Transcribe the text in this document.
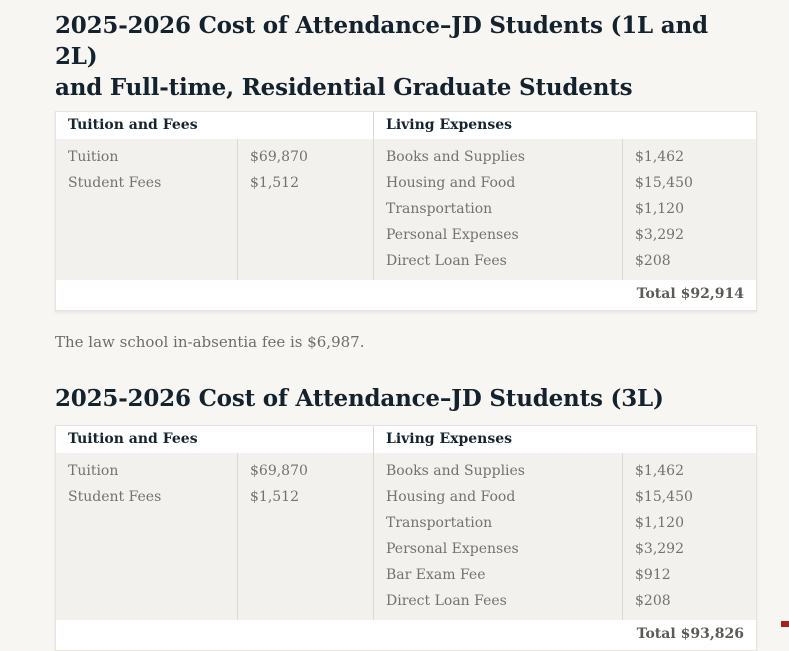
2025-2026 Cost of Attendance–JD Students (1L and 2L)
and Full-time, Residential Graduate Students
Tuition and Fees	Living Expenses
Tuition
Student Fees
$69,870
$1,512
Books and Supplies
Housing and Food
Transportation
Personal Expenses
Direct Loan Fees
$1,462
$15,450
$1,120
$3,292
$208
Total $92,914

The law school in-absentia fee is $6,987.

2025-2026 Cost of Attendance–JD Students (3L)
Tuition and Fees	Living Expenses
Tuition
Student Fees
$69,870
$1,512
Books and Supplies
Housing and Food
Transportation
Personal Expenses
Bar Exam Fee
Direct Loan Fees
$1,462
$15,450
$1,120
$3,292
$912
$208
Total $93,826
